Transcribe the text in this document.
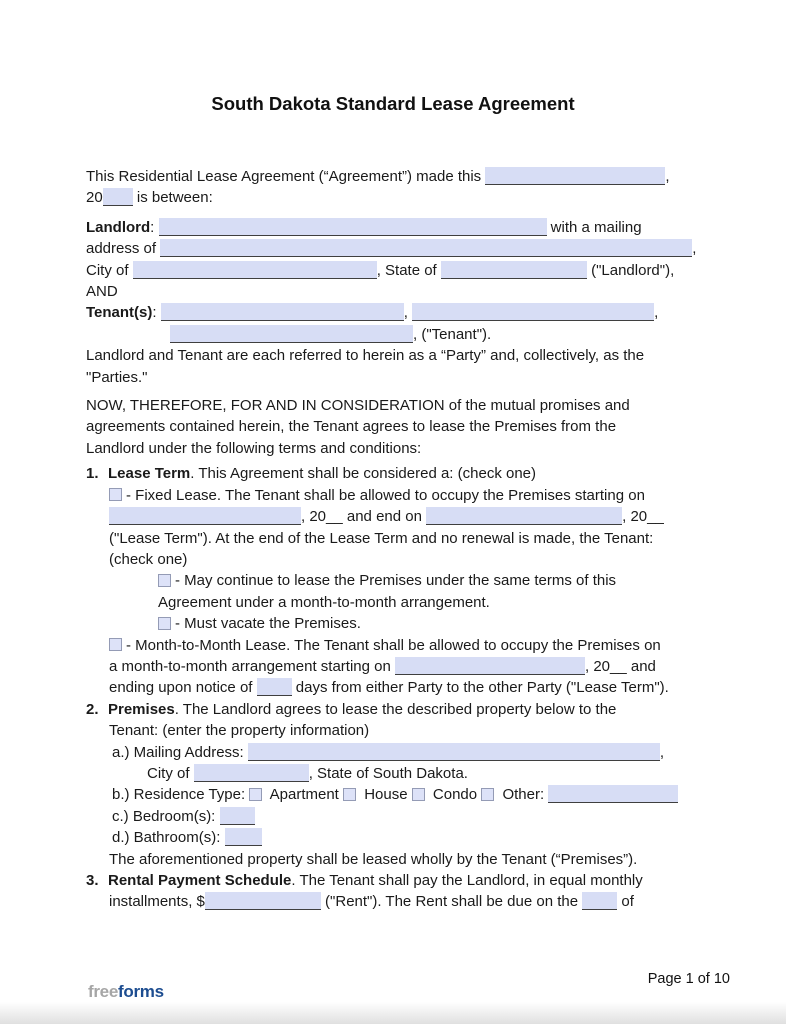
South Dakota Standard Lease Agreement
This Residential Lease Agreement (“Agreement”) made this	,
20 is between:
Landlord:	with a mailing
address of	,
City of	, State of	("Landlord"),
AND
Tenant(s):	,	,
, ("Tenant").
Landlord and Tenant are each referred to herein as a “Party” and, collectively, as the
"Parties."
NOW, THEREFORE, FOR AND IN CONSIDERATION of the mutual promises and
agreements contained herein, the Tenant agrees to lease the Premises from the
Landlord under the following terms and conditions:
1. Lease Term. This Agreement shall be considered a: (check one)
- Fixed Lease. The Tenant shall be allowed to occupy the Premises starting on
, 20__ and end on	, 20__
("Lease Term"). At the end of the Lease Term and no renewal is made, the Tenant:
(check one)
- May continue to lease the Premises under the same terms of this
Agreement under a month-to-month arrangement.
- Must vacate the Premises.
- Month-to-Month Lease. The Tenant shall be allowed to occupy the Premises on
a month-to-month arrangement starting on	, 20__ and
ending upon notice of  days from either Party to the other Party ("Lease Term").
2. Premises. The Landlord agrees to lease the described property below to the
Tenant: (enter the property information)
a.) Mailing Address:	,
City of	, State of South Dakota.
b.) Residence Type:  Apartment  House  Condo  Other:
c.) Bedroom(s):
d.) Bathroom(s):
The aforementioned property shall be leased wholly by the Tenant (“Premises”).
3. Rental Payment Schedule. The Tenant shall pay the Landlord, in equal monthly
installments, $	("Rent"). The Rent shall be due on the  of
freeforms
Page 1 of 10
